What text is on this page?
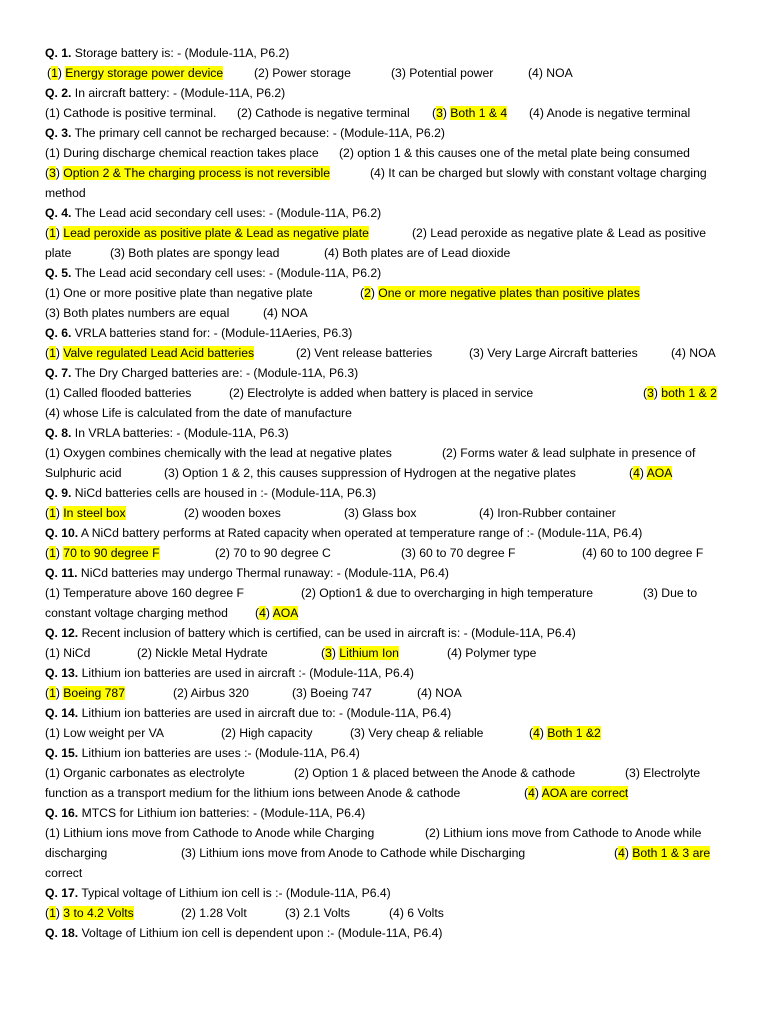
Q. 1. Storage battery is: - (Module-11A, P6.2)
(1) Energy storage power device	(2) Power storage	(3) Potential power	(4) NOA
Q. 2. In aircraft battery: - (Module-11A, P6.2)
(1) Cathode is positive terminal. (2) Cathode is negative terminal (3) Both 1 & 4 (4) Anode is negative terminal
Q. 3. The primary cell cannot be recharged because: - (Module-11A, P6.2)
(1) During discharge chemical reaction takes place (2) option 1 & this causes one of the metal plate being consumed
(3) Option 2 & The charging process is not reversible	(4) It can be charged but slowly with constant voltage charging
method
Q. 4. The Lead acid secondary cell uses: - (Module-11A, P6.2)
(1) Lead peroxide as positive plate & Lead as negative plate	(2) Lead peroxide as negative plate & Lead as positive
plate	(3) Both plates are spongy lead	(4) Both plates are of Lead dioxide
Q. 5. The Lead acid secondary cell uses: - (Module-11A, P6.2)
(1) One or more positive plate than negative plate	(2) One or more negative plates than positive plates
(3) Both plates numbers are equal	(4) NOA
Q. 6. VRLA batteries stand for: - (Module-11Aeries, P6.3)
(1) Valve regulated Lead Acid batteries	(2) Vent release batteries	(3) Very Large Aircraft batteries	(4) NOA
Q. 7. The Dry Charged batteries are: - (Module-11A, P6.3)
(1) Called flooded batteries	(2) Electrolyte is added when battery is placed in service	(3) both 1 & 2
(4) whose Life is calculated from the date of manufacture
Q. 8. In VRLA batteries: - (Module-11A, P6.3)
(1) Oxygen combines chemically with the lead at negative plates	(2) Forms water & lead sulphate in presence of
Sulphuric acid	(3) Option 1 & 2, this causes suppression of Hydrogen at the negative plates	(4) AOA
Q. 9. NiCd batteries cells are housed in :- (Module-11A, P6.3)
(1) In steel box	(2) wooden boxes	(3) Glass box	(4) Iron-Rubber container
Q. 10. A NiCd battery performs at Rated capacity when operated at temperature range of :- (Module-11A, P6.4)
(1) 70 to 90 degree F	(2) 70 to 90 degree C	(3) 60 to 70 degree F	(4) 60 to 100 degree F
Q. 11. NiCd batteries may undergo Thermal runaway: - (Module-11A, P6.4)
(1) Temperature above 160 degree F	(2) Option1 & due to overcharging in high temperature	(3) Due to
constant voltage charging method (4) AOA
Q. 12. Recent inclusion of battery which is certified, can be used in aircraft is: - (Module-11A, P6.4)
(1) NiCd	(2) Nickle Metal Hydrate	(3) Lithium Ion	(4) Polymer type
Q. 13. Lithium ion batteries are used in aircraft :- (Module-11A, P6.4)
(1) Boeing 787	(2) Airbus 320	(3) Boeing 747	(4) NOA
Q. 14. Lithium ion batteries are used in aircraft due to: - (Module-11A, P6.4)
(1) Low weight per VA	(2) High capacity	(3) Very cheap & reliable	(4) Both 1 &2
Q. 15. Lithium ion batteries are uses :- (Module-11A, P6.4)
(1) Organic carbonates as electrolyte	(2) Option 1 & placed between the Anode & cathode	(3) Electrolyte
function as a transport medium for the lithium ions between Anode & cathode	(4) AOA are correct
Q. 16. MTCS for Lithium ion batteries: - (Module-11A, P6.4)
(1) Lithium ions move from Cathode to Anode while Charging	(2) Lithium ions move from Cathode to Anode while
discharging	(3) Lithium ions move from Anode to Cathode while Discharging	(4) Both 1 & 3 are
correct
Q. 17. Typical voltage of Lithium ion cell is :- (Module-11A, P6.4)
(1) 3 to 4.2 Volts	(2) 1.28 Volt	(3) 2.1 Volts	(4) 6 Volts
Q. 18. Voltage of Lithium ion cell is dependent upon :- (Module-11A, P6.4)
